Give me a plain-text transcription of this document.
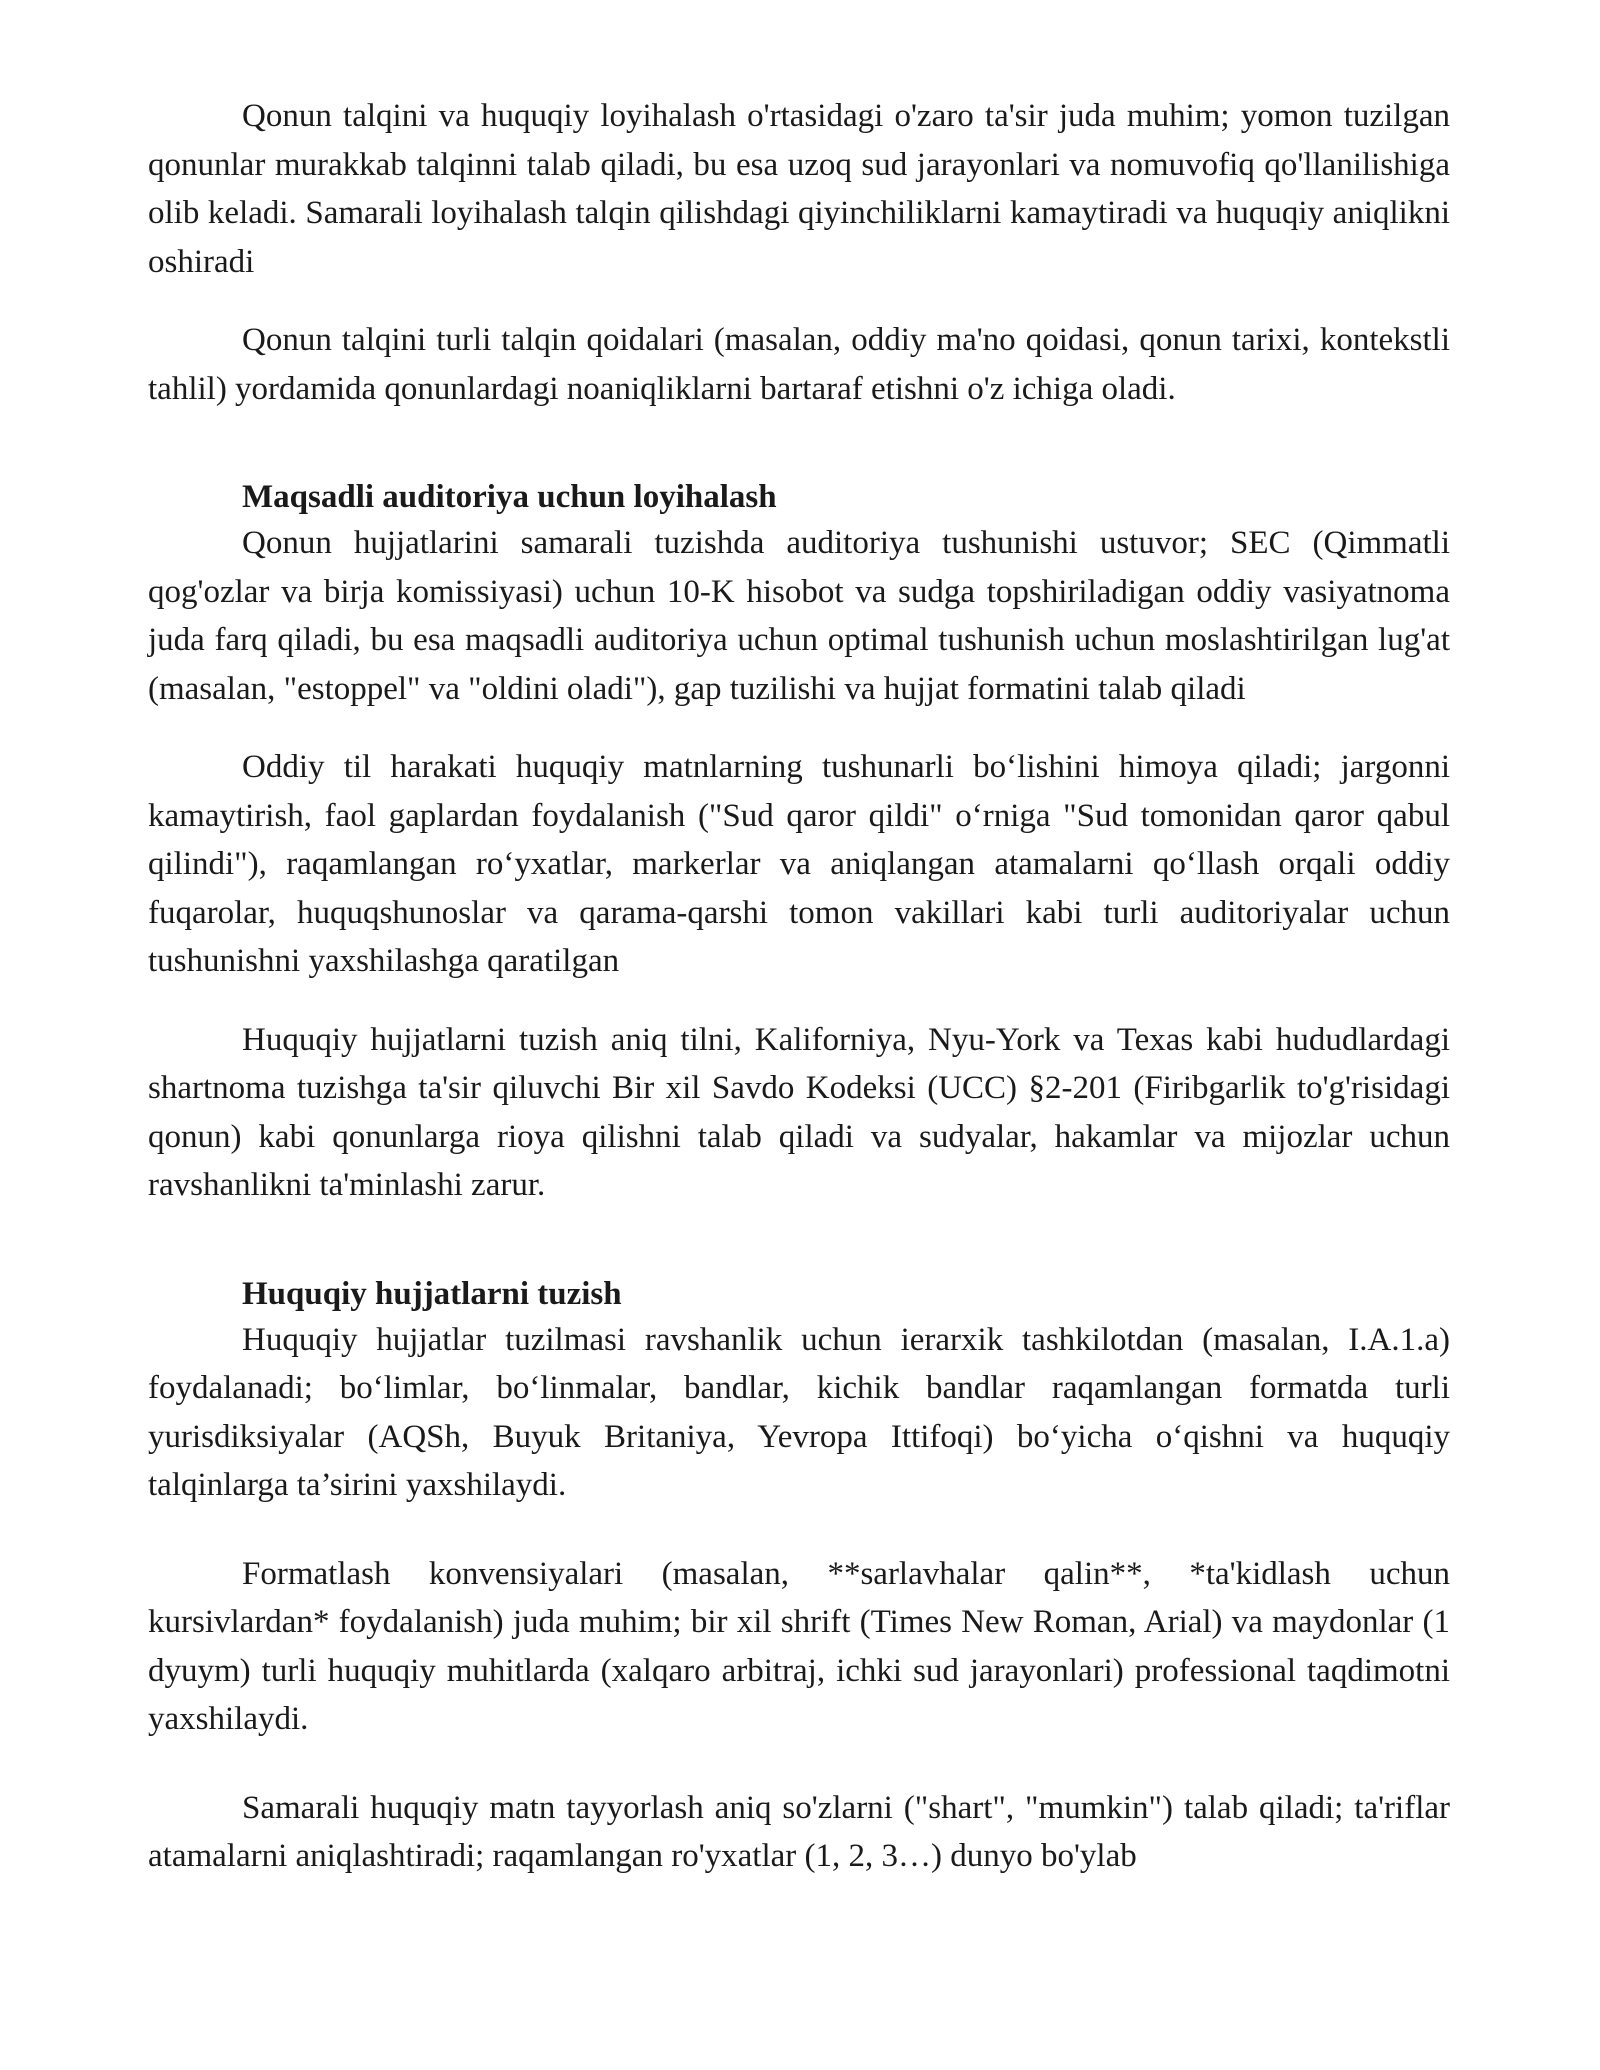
Qonun talqini va huquqiy loyihalash o'rtasidagi o'zaro ta'sir juda muhim; yomon tuzilgan qonunlar murakkab talqinni talab qiladi, bu esa uzoq sud jarayonlari va nomuvofiq qo'llanilishiga olib keladi. Samarali loyihalash talqin qilishdagi qiyinchiliklarni kamaytiradi va huquqiy aniqlikni oshiradi

Qonun talqini turli talqin qoidalari (masalan, oddiy ma'no qoidasi, qonun tarixi, kontekstli tahlil) yordamida qonunlardagi noaniqliklarni bartaraf etishni o'z ichiga oladi.

Maqsadli auditoriya uchun loyihalash

Qonun hujjatlarini samarali tuzishda auditoriya tushunishi ustuvor; SEC (Qimmatli qog'ozlar va birja komissiyasi) uchun 10-K hisobot va sudga topshiriladigan oddiy vasiyatnoma juda farq qiladi, bu esa maqsadli auditoriya uchun optimal tushunish uchun moslashtirilgan lug'at (masalan, "estoppel" va "oldini oladi"), gap tuzilishi va hujjat formatini talab qiladi

Oddiy til harakati huquqiy matnlarning tushunarli bo‘lishini himoya qiladi; jargonni kamaytirish, faol gaplardan foydalanish ("Sud qaror qildi" o‘rniga "Sud tomonidan qaror qabul qilindi"), raqamlangan ro‘yxatlar, markerlar va aniqlangan atamalarni qo‘llash orqali oddiy fuqarolar, huquqshunoslar va qarama-qarshi tomon vakillari kabi turli auditoriyalar uchun tushunishni yaxshilashga qaratilgan

Huquqiy hujjatlarni tuzish aniq tilni, Kaliforniya, Nyu-York va Texas kabi hududlardagi shartnoma tuzishga ta'sir qiluvchi Bir xil Savdo Kodeksi (UCC) §2-201 (Firibgarlik to'g'risidagi qonun) kabi qonunlarga rioya qilishni talab qiladi va sudyalar, hakamlar va mijozlar uchun ravshanlikni ta'minlashi zarur.

Huquqiy hujjatlarni tuzish

Huquqiy hujjatlar tuzilmasi ravshanlik uchun ierarxik tashkilotdan (masalan, I.A.1.a) foydalanadi; bo‘limlar, bo‘linmalar, bandlar, kichik bandlar raqamlangan formatda turli yurisdiksiyalar (AQSh, Buyuk Britaniya, Yevropa Ittifoqi) bo‘yicha o‘qishni va huquqiy talqinlarga ta’sirini yaxshilaydi.

Formatlash konvensiyalari (masalan, **sarlavhalar qalin**, *ta'kidlash uchun kursivlardan* foydalanish) juda muhim; bir xil shrift (Times New Roman, Arial) va maydonlar (1 dyuym) turli huquqiy muhitlarda (xalqaro arbitraj, ichki sud jarayonlari) professional taqdimotni yaxshilaydi.

Samarali huquqiy matn tayyorlash aniq so'zlarni ("shart", "mumkin") talab qiladi; ta'riflar atamalarni aniqlashtiradi; raqamlangan ro'yxatlar (1, 2, 3…) dunyo bo'ylab
